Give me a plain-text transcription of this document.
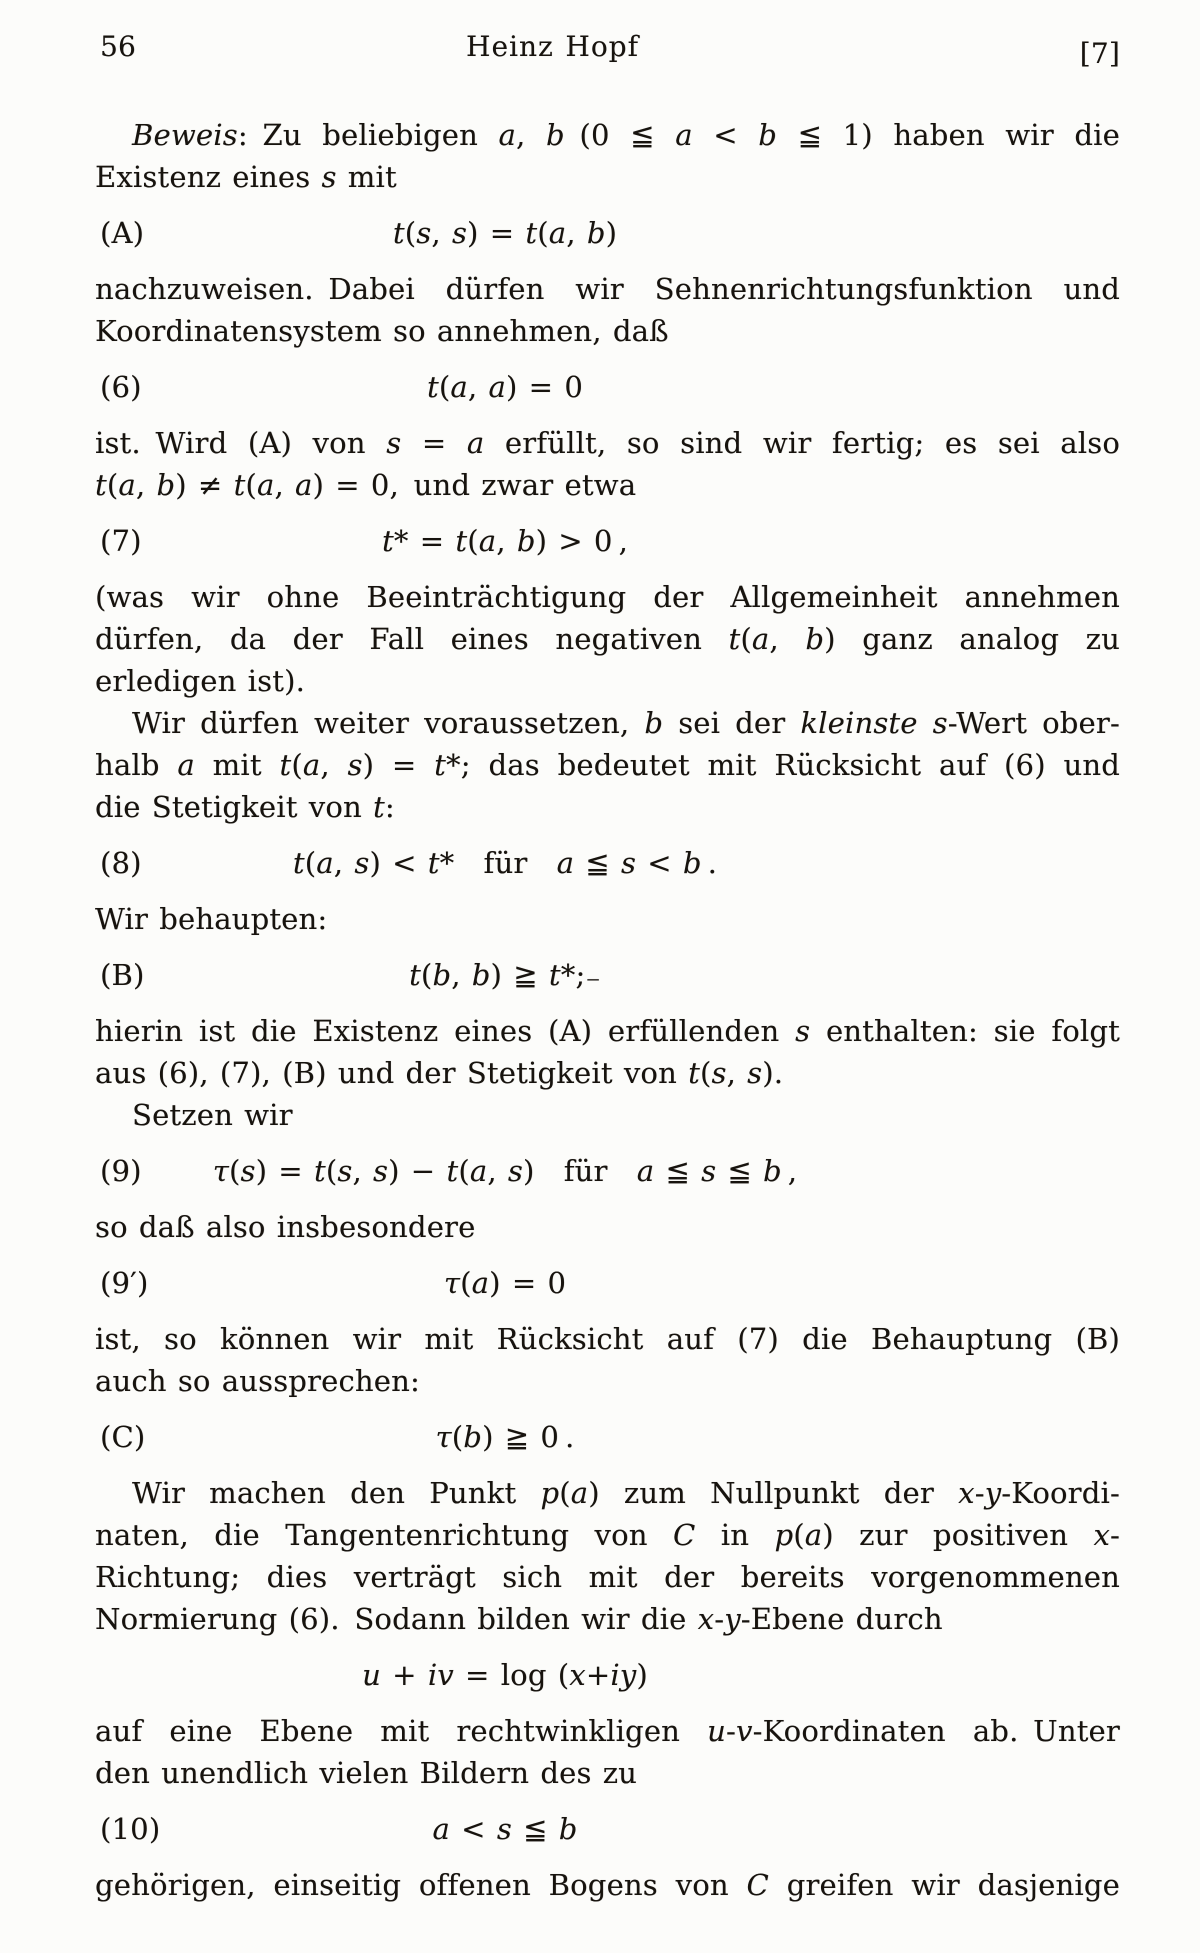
56	Heinz Hopf	[7]
Beweis: Zu beliebigen a, b (0 ≦ a < b ≦ 1) haben wir die
Existenz eines s mit
(A)	t(s, s) = t(a, b)
nachzuweisen. Dabei dürfen wir Sehnenrichtungsfunktion und
Koordinatensystem so annehmen, daß
(6)	t(a, a) = 0
ist. Wird (A) von s = a erfüllt, so sind wir fertig; es sei also
t(a, b) ≠ t(a, a) = 0, und zwar etwa
(7)	t* = t(a, b) > 0 ,
(was wir ohne Beeinträchtigung der Allgemeinheit annehmen
dürfen, da der Fall eines negativen t(a, b) ganz analog zu
erledigen ist).
Wir dürfen weiter voraussetzen, b sei der kleinste s-Wert ober-
halb a mit t(a, s) = t*; das bedeutet mit Rücksicht auf (6) und
die Stetigkeit von t:
(8)	t(a, s) < t* für a ≦ s < b .
Wir behaupten:
(B)	t(b, b) ≧ t*;₋
hierin ist die Existenz eines (A) erfüllenden s enthalten: sie folgt
aus (6), (7), (B) und der Stetigkeit von t(s, s).
Setzen wir
(9) τ(s) = t(s, s) − t(a, s) für a ≦ s ≦ b ,
so daß also insbesondere
(9′)	τ(a) = 0
ist, so können wir mit Rücksicht auf (7) die Behauptung (B)
auch so aussprechen:
(C)	τ(b) ≧ 0 .
Wir machen den Punkt p(a) zum Nullpunkt der x-y-Koordi-
naten, die Tangentenrichtung von C in p(a) zur positiven x-
Richtung; dies verträgt sich mit der bereits vorgenommenen
Normierung (6). Sodann bilden wir die x-y-Ebene durch
u + iv = log (x+iy)
auf eine Ebene mit rechtwinkligen u-v-Koordinaten ab. Unter
den unendlich vielen Bildern des zu
(10)	a < s ≦ b
gehörigen, einseitig offenen Bogens von C greifen wir dasjenige
